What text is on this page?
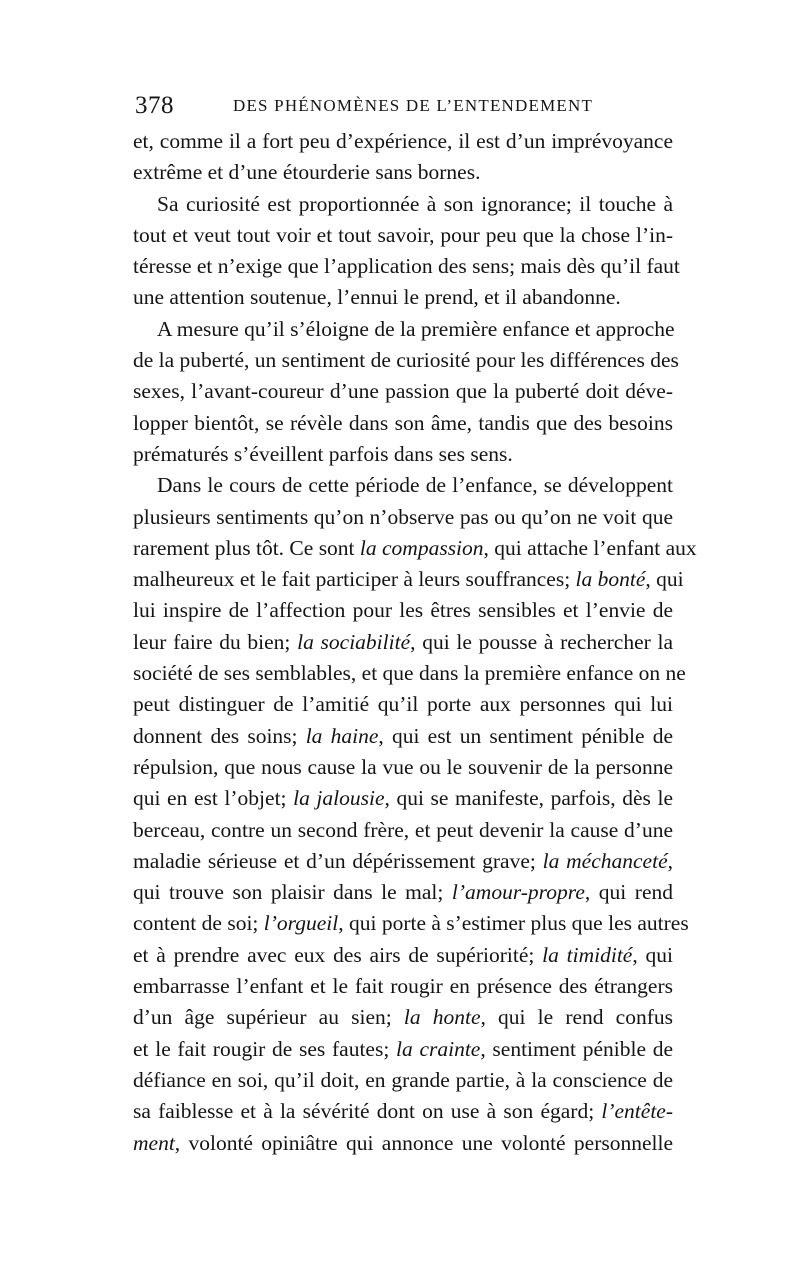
378	DES PHÉNOMÈNES DE L’ENTENDEMENT
et, comme il a fort peu d’expérience, il est d’un imprévoyance
extrême et d’une étourderie sans bornes.
Sa curiosité est proportionnée à son ignorance; il touche à
tout et veut tout voir et tout savoir, pour peu que la chose l’in-
téresse et n’exige que l’application des sens; mais dès qu’il faut
une attention soutenue, l’ennui le prend, et il abandonne.
A mesure qu’il s’éloigne de la première enfance et approche
de la puberté, un sentiment de curiosité pour les différences des
sexes, l’avant-coureur d’une passion que la puberté doit déve-
lopper bientôt, se révèle dans son âme, tandis que des besoins
prématurés s’éveillent parfois dans ses sens.
Dans le cours de cette période de l’enfance, se développent
plusieurs sentiments qu’on n’observe pas ou qu’on ne voit que
rarement plus tôt. Ce sont la compassion, qui attache l’enfant aux
malheureux et le fait participer à leurs souffrances; la bonté, qui
lui inspire de l’affection pour les êtres sensibles et l’envie de
leur faire du bien; la sociabilité, qui le pousse à rechercher la
société de ses semblables, et que dans la première enfance on ne
peut distinguer de l’amitié qu’il porte aux personnes qui lui
donnent des soins; la haine, qui est un sentiment pénible de
répulsion, que nous cause la vue ou le souvenir de la personne
qui en est l’objet; la jalousie, qui se manifeste, parfois, dès le
berceau, contre un second frère, et peut devenir la cause d’une
maladie sérieuse et d’un dépérissement grave; la méchanceté,
qui trouve son plaisir dans le mal; l’amour-propre, qui rend
content de soi; l’orgueil, qui porte à s’estimer plus que les autres
et à prendre avec eux des airs de supériorité; la timidité, qui
embarrasse l’enfant et le fait rougir en présence des étrangers
d’un âge supérieur au sien; la honte, qui le rend confus
et le fait rougir de ses fautes; la crainte, sentiment pénible de
défiance en soi, qu’il doit, en grande partie, à la conscience de
sa faiblesse et à la sévérité dont on use à son égard; l’entête-
ment, volonté opiniâtre qui annonce une volonté personnelle
